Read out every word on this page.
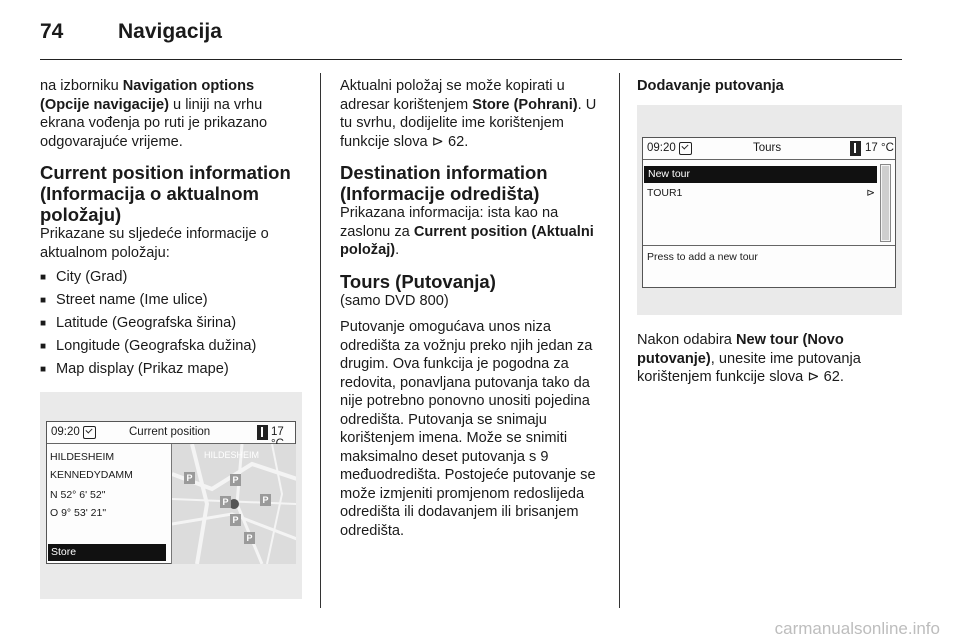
74	Navigacija

na izborniku Navigation options (Opcije navigacije) u liniji na vrhu ekrana vođenja po ruti je prikazano odgovarajuće vrijeme.

Current position information (Informacija o aktualnom položaju)

Prikazane su sljedeće informacije o aktualnom položaju:

■ City (Grad)
■ Street name (Ime ulice)
■ Latitude (Geografska širina)
■ Longitude (Geografska dužina)
■ Map display (Prikaz mape)
09:20	Current position	17
HILDESHEIM
KENNEDYDAMM
N 52° 6' 52"
O 9° 53' 21"
Store
HILDESHEIM
P	P
P	P
P
P

Aktualni položaj se može kopirati u adresar korištenjem Store (Pohrani). U tu svrhu, dodijelite ime korištenjem funkcije slova ⊳ 62.

Destination information (Informacije odredišta)

Prikazana informacija: ista kao na zaslonu za Current position (Aktualni položaj).

Tours (Putovanja)

(samo DVD 800)

Putovanje omogućava unos niza odredišta za vožnju preko njih jedan za drugim. Ova funkcija je pogodna za redovita, ponavljana putovanja tako da nije potrebno ponovno unositi pojedina odredišta. Putovanja se snimaju korištenjem imena. Može se snimiti maksimalno deset putovanja s 9 međuodredišta. Postojeće putovanje se može izmjeniti promjenom redoslijeda odredišta ili dodavanjem ili brisanjem odredišta.

Dodavanje putovanja

09:20	Tours	17 °C
New tour
TOUR1	⊳
Press to add a new tour

Nakon odabira New tour (Novo putovanje), unesite ime putovanja korištenjem funkcije slova ⊳ 62.

carmanualsonline.info
